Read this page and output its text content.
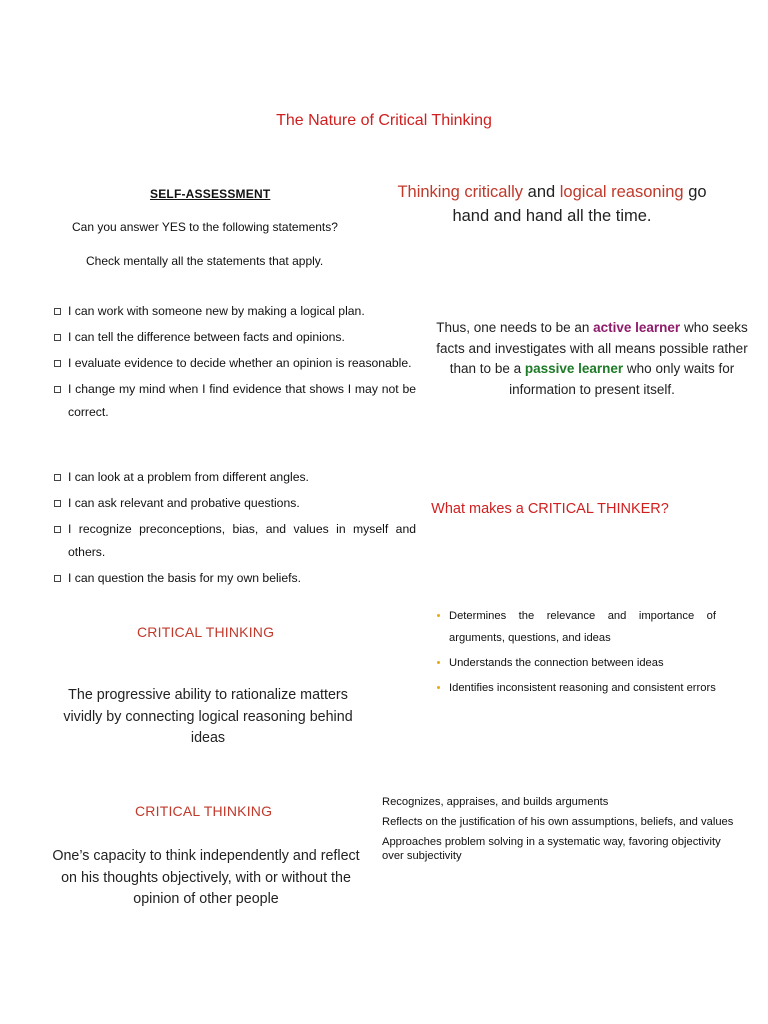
The Nature of Critical Thinking
SELF-ASSESSMENT
Can you answer YES to the following statements?
Check mentally all the statements that apply.
I can work with someone new by making a logical plan.
I can tell the difference between facts and opinions.
I evaluate evidence to decide whether an opinion is reasonable.
I change my mind when I find evidence that shows I may not be correct.
I can look at a problem from different angles.
I can ask relevant and probative questions.
I recognize preconceptions, bias, and values in myself and others.
I can question the basis for my own beliefs.
Thinking critically and logical reasoning go hand and hand all the time.
Thus, one needs to be an active learner who seeks facts and investigates with all means possible rather than to be a passive learner who only waits for information to present itself.
What makes a CRITICAL THINKER?
Determines the relevance and importance of arguments, questions, and ideas
Understands the connection between ideas
Identifies inconsistent reasoning and consistent errors
CRITICAL THINKING
The progressive ability to rationalize matters vividly by connecting logical reasoning behind ideas
CRITICAL THINKING
One’s capacity to think independently and reflect on his thoughts objectively, with or without the opinion of other people
Recognizes, appraises, and builds arguments
Reflects on the justification of his own assumptions, beliefs, and values
Approaches problem solving in a systematic way, favoring objectivity over subjectivity
